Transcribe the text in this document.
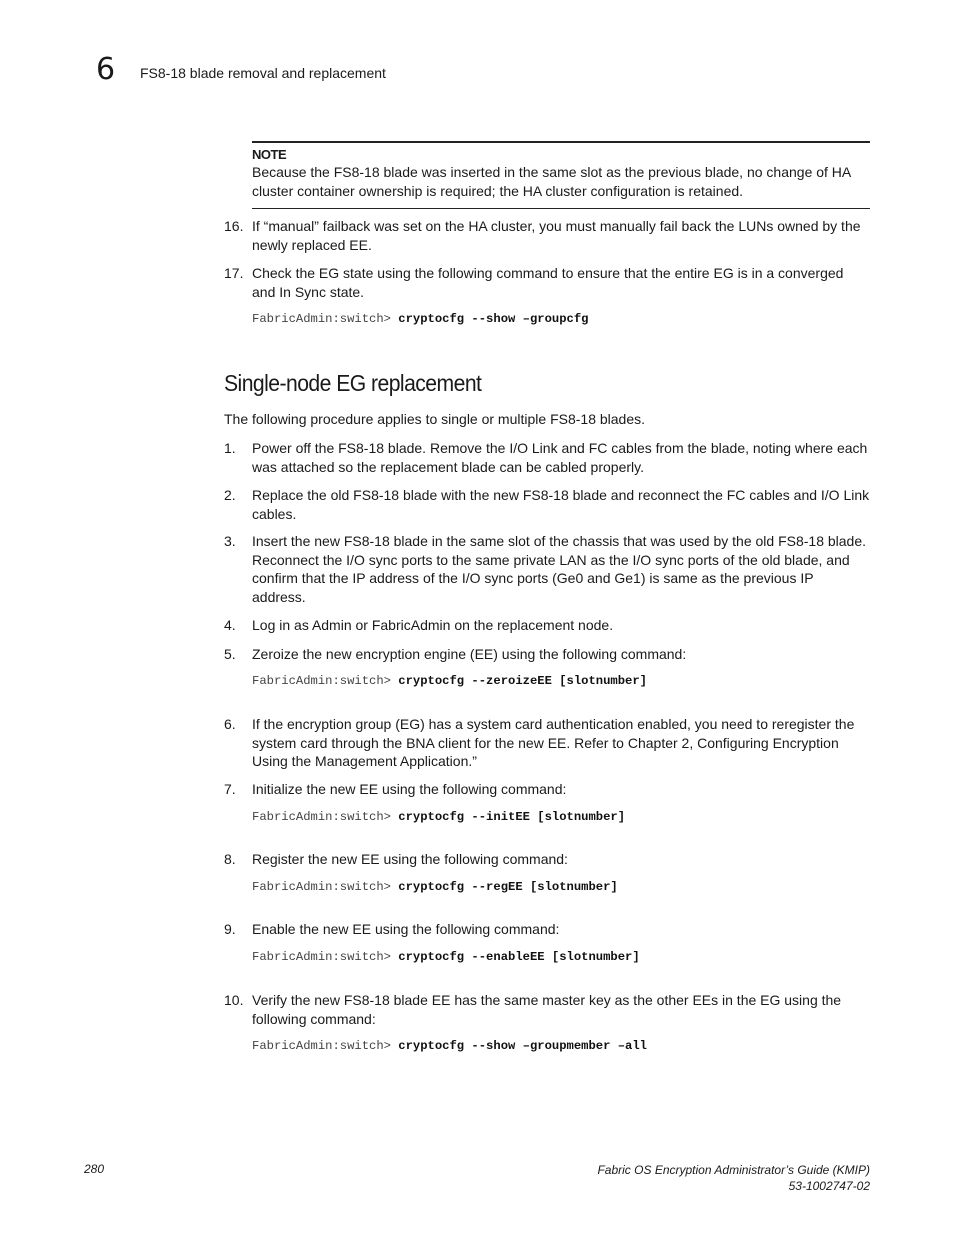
6 FS8-18 blade removal and replacement
NOTE
Because the FS8-18 blade was inserted in the same slot as the previous blade, no change of HA cluster container ownership is required; the HA cluster configuration is retained.
16. If “manual” failback was set on the HA cluster, you must manually fail back the LUNs owned by the newly replaced EE.
17. Check the EG state using the following command to ensure that the entire EG is in a converged and In Sync state.
FabricAdmin:switch> cryptocfg --show –groupcfg
Single-node EG replacement
The following procedure applies to single or multiple FS8-18 blades.
1.	Power off the FS8-18 blade. Remove the I/O Link and FC cables from the blade, noting where each was attached so the replacement blade can be cabled properly.
2.	Replace the old FS8-18 blade with the new FS8-18 blade and reconnect the FC cables and I/O Link cables.
3.	Insert the new FS8-18 blade in the same slot of the chassis that was used by the old FS8-18 blade. Reconnect the I/O sync ports to the same private LAN as the I/O sync ports of the old blade, and confirm that the IP address of the I/O sync ports (Ge0 and Ge1) is same as the previous IP address.
4.	Log in as Admin or FabricAdmin on the replacement node.
5.	Zeroize the new encryption engine (EE) using the following command:
FabricAdmin:switch> cryptocfg --zeroizeEE [slotnumber]
6.	If the encryption group (EG) has a system card authentication enabled, you need to reregister the system card through the BNA client for the new EE. Refer to Chapter 2, Configuring Encryption Using the Management Application.”
7.	Initialize the new EE using the following command:
FabricAdmin:switch> cryptocfg --initEE [slotnumber]
8.	Register the new EE using the following command:
FabricAdmin:switch> cryptocfg --regEE [slotnumber]
9.	Enable the new EE using the following command:
FabricAdmin:switch> cryptocfg --enableEE [slotnumber]
10. Verify the new FS8-18 blade EE has the same master key as the other EEs in the EG using the following command:
FabricAdmin:switch> cryptocfg --show –groupmember –all
280	Fabric OS Encryption Administrator’s Guide (KMIP)
53-1002747-02
